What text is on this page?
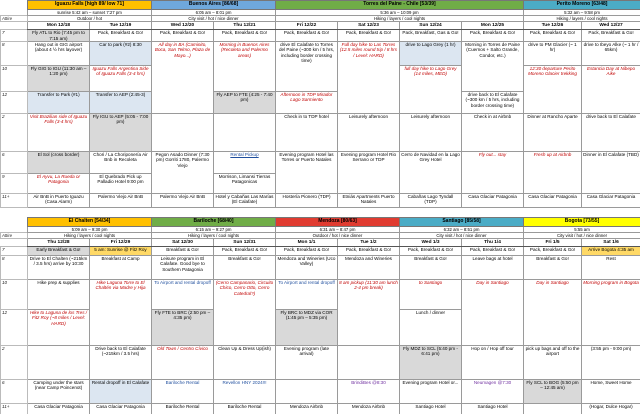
	Iguazu Falls [high 89/ low 71]		Buenos Aires [86/68]		Torres del Paine - Chile [53/39]				Perito Moreno [63/48]	
	sunrise 5:42 am – sunset 7:27 pm		6:05 am – 8:01 pm		5:36 am – 10:09 pm				5:32 am – 9:58 pm	
Attire	Outdoor / hot		City visit / hot / nice dinner		Hiking / layers / cool nights				Hiking / layers / cool nights	
	Mon 12/18	Tue 12/19	Wed 12/20	Thu 12/21	Fri 12/22	Sat 12/23	Sun 12/24	Mon 12/25	Tue 12/26	Wed 12/27
7	Fly ATL to Rio (7:45 pm to 7:15 am)	Pack, Breakfast & Go!	Pack, Breakfast & Go!	Pack, Breakfast & Go!	Pack, Breakfast & Go!	Pack, Breakfast & Go!	Pack, Breakfast, Gas & Go!	Pack, Breakfast & Go!	Pack, Breakfast & Go!	Pack, Breakfast & Go!
8	Hang out in GIG airport (about 4 ½ hrs layover)	Car to park (#2) 8:30	All day in BA (Caminito, Boca, San Telmo, Plaza de Mayo...)	Morning in Buenos Aires (Recoleta and Palermo areas)	drive El Calafate to Torres del Paine (~300 km / 5 hrs, including border crossing time)	Full day hike to Las Torres (12.5 miles round trip / 8 hrs / Level: HARD)	drive to Lago Grey (1 hr)	Morning in Torres de Paine (Cuernos + Salto Grande, Condor, etc.)	drive to PM Glacier (~ 1 hr)	drive to Ibeyo Alke (~ 1 hr / 65km)
10	Fly GIG to IGU (11:30 am – 1:20 pm)	Iguazu Falls Argentina Side of Iguazu Falls (3-4 hrs)					full day hike to Lago Grey (14 miles, MED)		12:30 departure Perito Moreno Glacier trekking	Estancia Day at Nibepo Aike
12	Transfer to Park (#1)	Transfer to AEP (2:45-3)		Fly AEP to FTE (4:25 - 7:40 pm)	Afternoon in TDP Mirador Lago Sarmiento			drive back to El Calafate (~300 km / 5 hrs, including border crossing time)		
2	Visit Brazilian side of Iguazu Falls (3-4 hrs)	Fly IGU to AEP (5:05 - 7:00 pm)			Check in to TDP hotel	Leisurely afternoon	Leisurely afternoon	Check in at Airbnb	Dinner at Rancho Aparte	drive back to El Calafate
6	El Sol (cross border)	Chori / La Choriponería Air Bnb in Recoleta	Pegon Asado Dinner (7:30 pm) Gorriti 1780, Palermo Viejo	Rental Pickup	Evening program Hotel las Torres or Puerto Natales	Evening program Hotel Rio Serrano or TDP	Cerro de Navidad en la Lago Grey Hotel	Fly out... stay	Fresh up at Airbnb	Dinner in El Calafate (TBD)
9	El Ayvu, La Rueda or Patagonia	El Quebrado Pick up Palladio Hotel 9:00 pm		Morrison, Limansi Tierras Patagonicas						
11+	Air BnB in Puerto Iguazu (Casa Alarm)	Palermo Viejo Air BnB	Palermo Viejo Air BnB	Hotel y Cabañas Las Marías (El Calafate)	Hostería Pionero (TDP)	Etniás Apartments Puerto Natales	Cabañas Lago Tyndall (TDP)	Casa Glaciar Patagonia	Casa Glaciar Patagonia	Casa Glaciar Patagonia
	El Chalten [54/34]		Bariloche [68/40]		Mendoza [80/63]		Santiago [85/58]		Bogota [73/55]	
	5:09 am – 9:30 pm		6:15 am – 9:27 pm		6:31 am – 8:47 pm		6:32 am – 8:51 pm		5:55 am	
Attire	Hiking / layers / cool nights		Hiking / layers / cool nights		Outdoor / hot / nice dinner		City visit / hot / nice dinner		City visit / hot / nice dinner	
	Thu 12/28	Fri 12/29	Sat 12/30	Sun 12/31	Mon 1/1	Tue 1/2	Wed 1/3	Thu 1/4	Fri 1/5	Sat 1/6
7	Early Breakfast & Go!	5 am: Sunrise @ Fitz Roy	Breakfast & Go!	Pack, Breakfast & Go!	Pack, Breakfast & Go!	Pack, Breakfast & Go!	Pack, Breakfast & Go!	Pack, Breakfast & Go!	Pack, Breakfast & Go!	Arrive Bogota 4:35 am
8	Drive to El Chalten (~215km / 3.5 hrs) arrive by 10:30	Breakfast at Camp	Leisure program in El Calafate. Good bye to Southern Patagonia	Breakfast & Go!	Mendoza and Wineries (Uco Valley)	Mendoza and Wineries	Breakfast & Go!	Leave bags at hotel	Breakfast & Go!	Rest
10	Hike prep & supplies	Hike Laguna Torre to El Chaltén via Madre y Hija	To Airport and rental dropoff	(Cerro Campanario, Circuito Chico, Cerro Otto, Cerro Catedral?)	To Airport and rental dropoff	8 am pickup (11:30 am lunch 2-4 pm break)	to Santiago	Day in Santiago	Day in Santiago	Morning program in Bogota
12	Hike to Laguna de los Tres / Fitz Roy (~8 miles / Level: HARD)		Fly FTE to BRC (2:50 pm – 4:35 pm)		Fly BRC to MDZ via COR (1:45 pm – 5:35 pm)		Lunch / dinner			
2		Drive back to El Calafate (~215km / 3.5 hrs)	Old Town / Centro Cívico	Clean Up & Dress Up(ish)	Evening program (late arrival)		Fly MDZ to SCL (5:40 pm - 6:41 pm)	Hop on / Hop off tour	pick up bags and off to the airport	(3:55 pm - 9:00 pm)
6	Camping under the stars (near Camp Poincenot)	Rental dropoff in El Calafate	Bariloche Rental	Revellon HNY 2024!!!		BrindiBes @8:30	Evening program Hotel or...	Neumagen @7:30	Fly SCL to BOG (5:50 pm – 12:45 am)	Home, Sweet Home
11+	Casa Glaciar Patagonia	Casa Glaciar Patagonia	Bariloche Rental	Bariloche Rental	Mendoza Airbnb	Mendoza Airbnb	Santiago Hotel	Santiago Hotel		(Hogar, Dulce Hogar)
